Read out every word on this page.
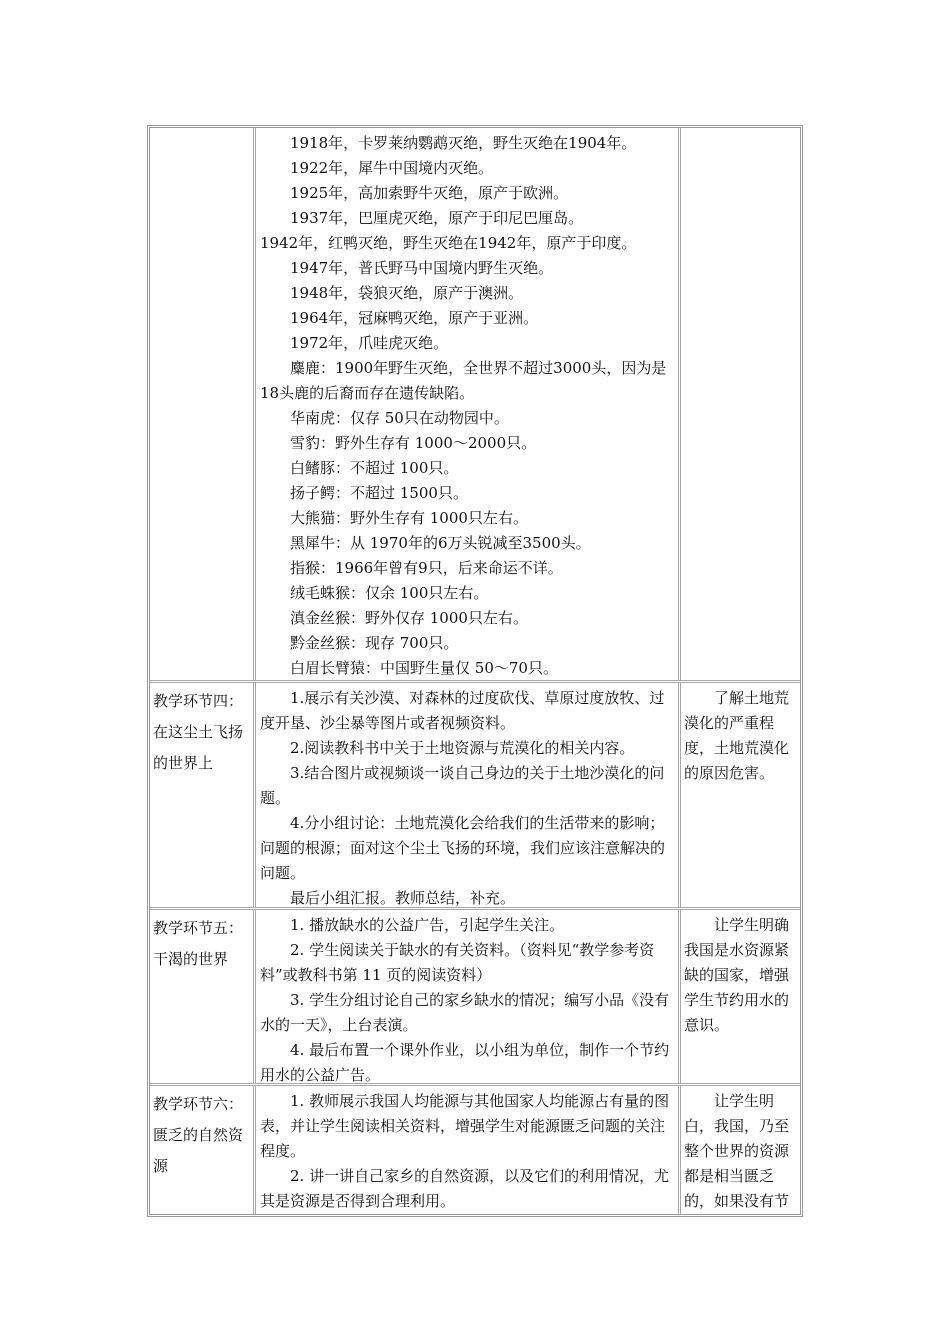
1918年，卡罗莱纳鹦鹉灭绝，野生灭绝在1904年。

1922年，犀牛中国境内灭绝。

1925年，高加索野牛灭绝，原产于欧洲。

1937年，巴厘虎灭绝，原产于印尼巴厘岛。

1942年，红鸭灭绝，野生灭绝在1942年，原产于印度。

1947年，普氏野马中国境内野生灭绝。

1948年，袋狼灭绝，原产于澳洲。

1964年，冠麻鸭灭绝，原产于亚洲。

1972年，爪哇虎灭绝。

麋鹿：1900年野生灭绝，全世界不超过3000头，因为是18头鹿的后裔而存在遗传缺陷。

华南虎：仅存 50只在动物园中。

雪豹：野外生存有 1000～2000只。

白鳍豚：不超过 100只。

扬子鳄：不超过 1500只。

大熊猫：野外生存有 1000只左右。

黑犀牛：从 1970年的6万头锐减至3500头。

指猴：1966年曾有9只，后来命运不详。

绒毛蛛猴：仅余 100只左右。

滇金丝猴：野外仅存 1000只左右。

黔金丝猴：现存 700只。

白眉长臂猿：中国野生量仅 50～70只。

教学环节四：

在这尘土飞扬

的世界上

1.展示有关沙漠、对森林的过度砍伐、草原过度放牧、过度开垦、沙尘暴等图片或者视频资料。

2.阅读教科书中关于土地资源与荒漠化的相关内容。

3.结合图片或视频谈一谈自己身边的关于土地沙漠化的问题。

4.分小组讨论：土地荒漠化会给我们的生活带来的影响；问题的根源；面对这个尘土飞扬的环境，我们应该注意解决的问题。

最后小组汇报。教师总结，补充。

了解土地荒漠化的严重程度，土地荒漠化的原因危害。

教学环节五：

干渴的世界

1. 播放缺水的公益广告，引起学生关注。

2. 学生阅读关于缺水的有关资料。（资料见“教学参考资料”或教科书第 11 页的阅读资料）

3. 学生分组讨论自己的家乡缺水的情况；编写小品《没有水的一天》，上台表演。

4. 最后布置一个课外作业，以小组为单位，制作一个节约用水的公益广告。

让学生明确我国是水资源紧缺的国家，增强学生节约用水的意识。

教学环节六：

匮乏的自然资

源

1. 教师展示我国人均能源与其他国家人均能源占有量的图表，并让学生阅读相关资料，增强学生对能源匮乏问题的关注程度。

2. 讲一讲自己家乡的自然资源，以及它们的利用情况，尤其是资源是否得到合理利用。

让学生明白，我国，乃至整个世界的资源都是相当匮乏的，如果没有节
